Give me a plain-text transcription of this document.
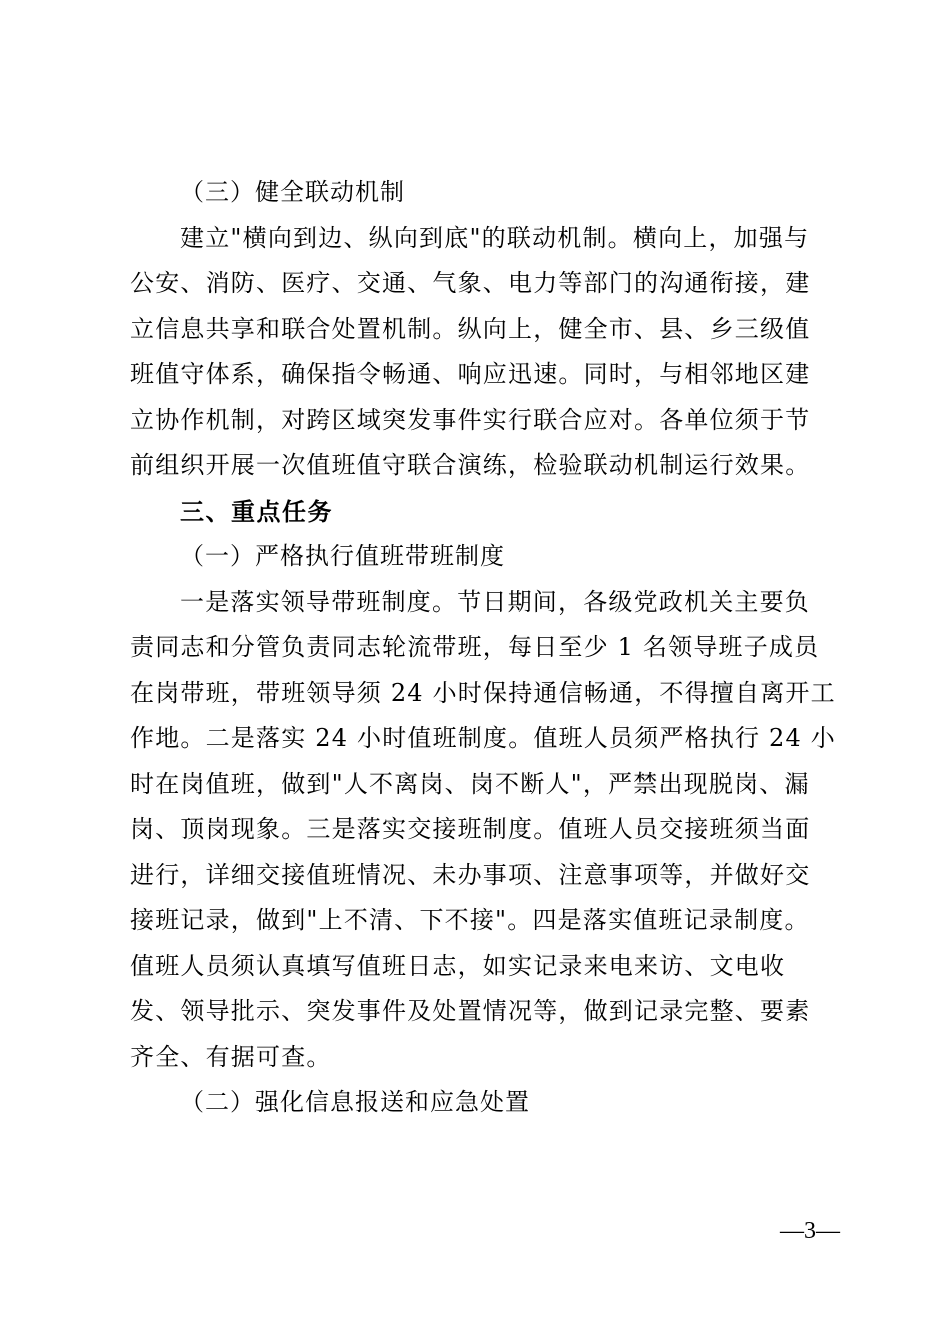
（三）健全联动机制
建立"横向到边、纵向到底"的联动机制。横向上，加强与
公安、消防、医疗、交通、气象、电力等部门的沟通衔接，建
立信息共享和联合处置机制。纵向上，健全市、县、乡三级值
班值守体系，确保指令畅通、响应迅速。同时，与相邻地区建
立协作机制，对跨区域突发事件实行联合应对。各单位须于节
前组织开展一次值班值守联合演练，检验联动机制运行效果。
三、重点任务
（一）严格执行值班带班制度
一是落实领导带班制度。节日期间，各级党政机关主要负
责同志和分管负责同志轮流带班，每日至少 1 名领导班子成员
在岗带班，带班领导须 24 小时保持通信畅通，不得擅自离开工
作地。二是落实 24 小时值班制度。值班人员须严格执行 24 小
时在岗值班，做到"人不离岗、岗不断人"，严禁出现脱岗、漏
岗、顶岗现象。三是落实交接班制度。值班人员交接班须当面
进行，详细交接值班情况、未办事项、注意事项等，并做好交
接班记录，做到"上不清、下不接"。四是落实值班记录制度。
值班人员须认真填写值班日志，如实记录来电来访、文电收
发、领导批示、突发事件及处置情况等，做到记录完整、要素
齐全、有据可查。
（二）强化信息报送和应急处置
—3—
